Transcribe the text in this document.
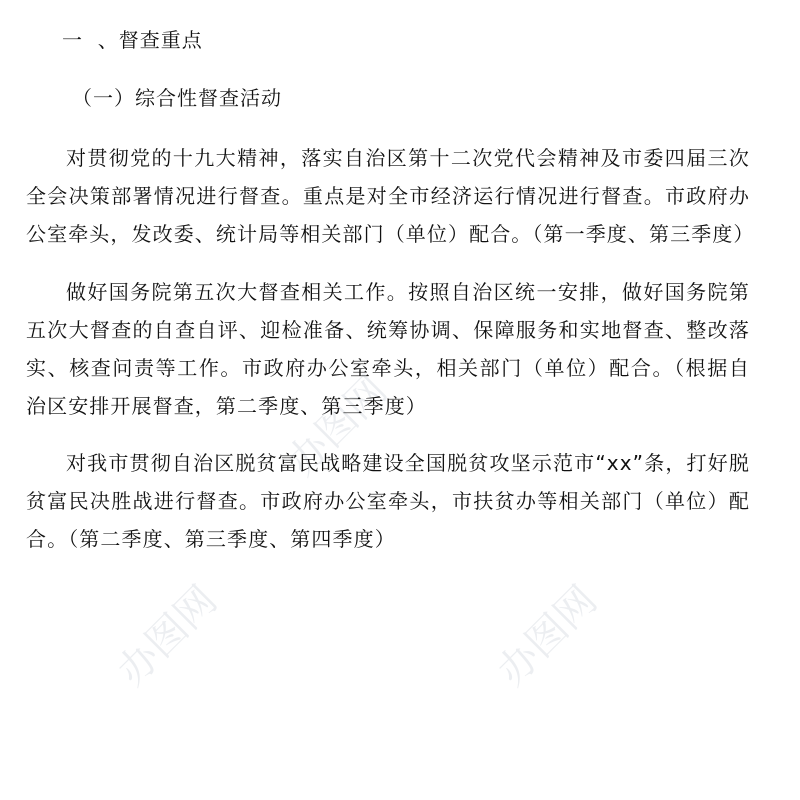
办图网
办图网	办图网
一  、督查重点
（一）综合性督查活动

对贯彻党的十九大精神，落实自治区第十二次党代会精神及市委四届三次全会决策部署情况进行督查。重点是对全市经济运行情况进行督查。市政府办公室牵头，发改委、统计局等相关部门（单位）配合。（第一季度、第三季度）

做好国务院第五次大督查相关工作。按照自治区统一安排，做好国务院第五次大督查的自查自评、迎检准备、统筹协调、保障服务和实地督查、整改落实、核查问责等工作。市政府办公室牵头，相关部门（单位）配合。（根据自治区安排开展督查，第二季度、第三季度）

对我市贯彻自治区脱贫富民战略建设全国脱贫攻坚示范市“xx”条，打好脱贫富民决胜战进行督查。市政府办公室牵头，市扶贫办等相关部门（单位）配合。（第二季度、第三季度、第四季度）
